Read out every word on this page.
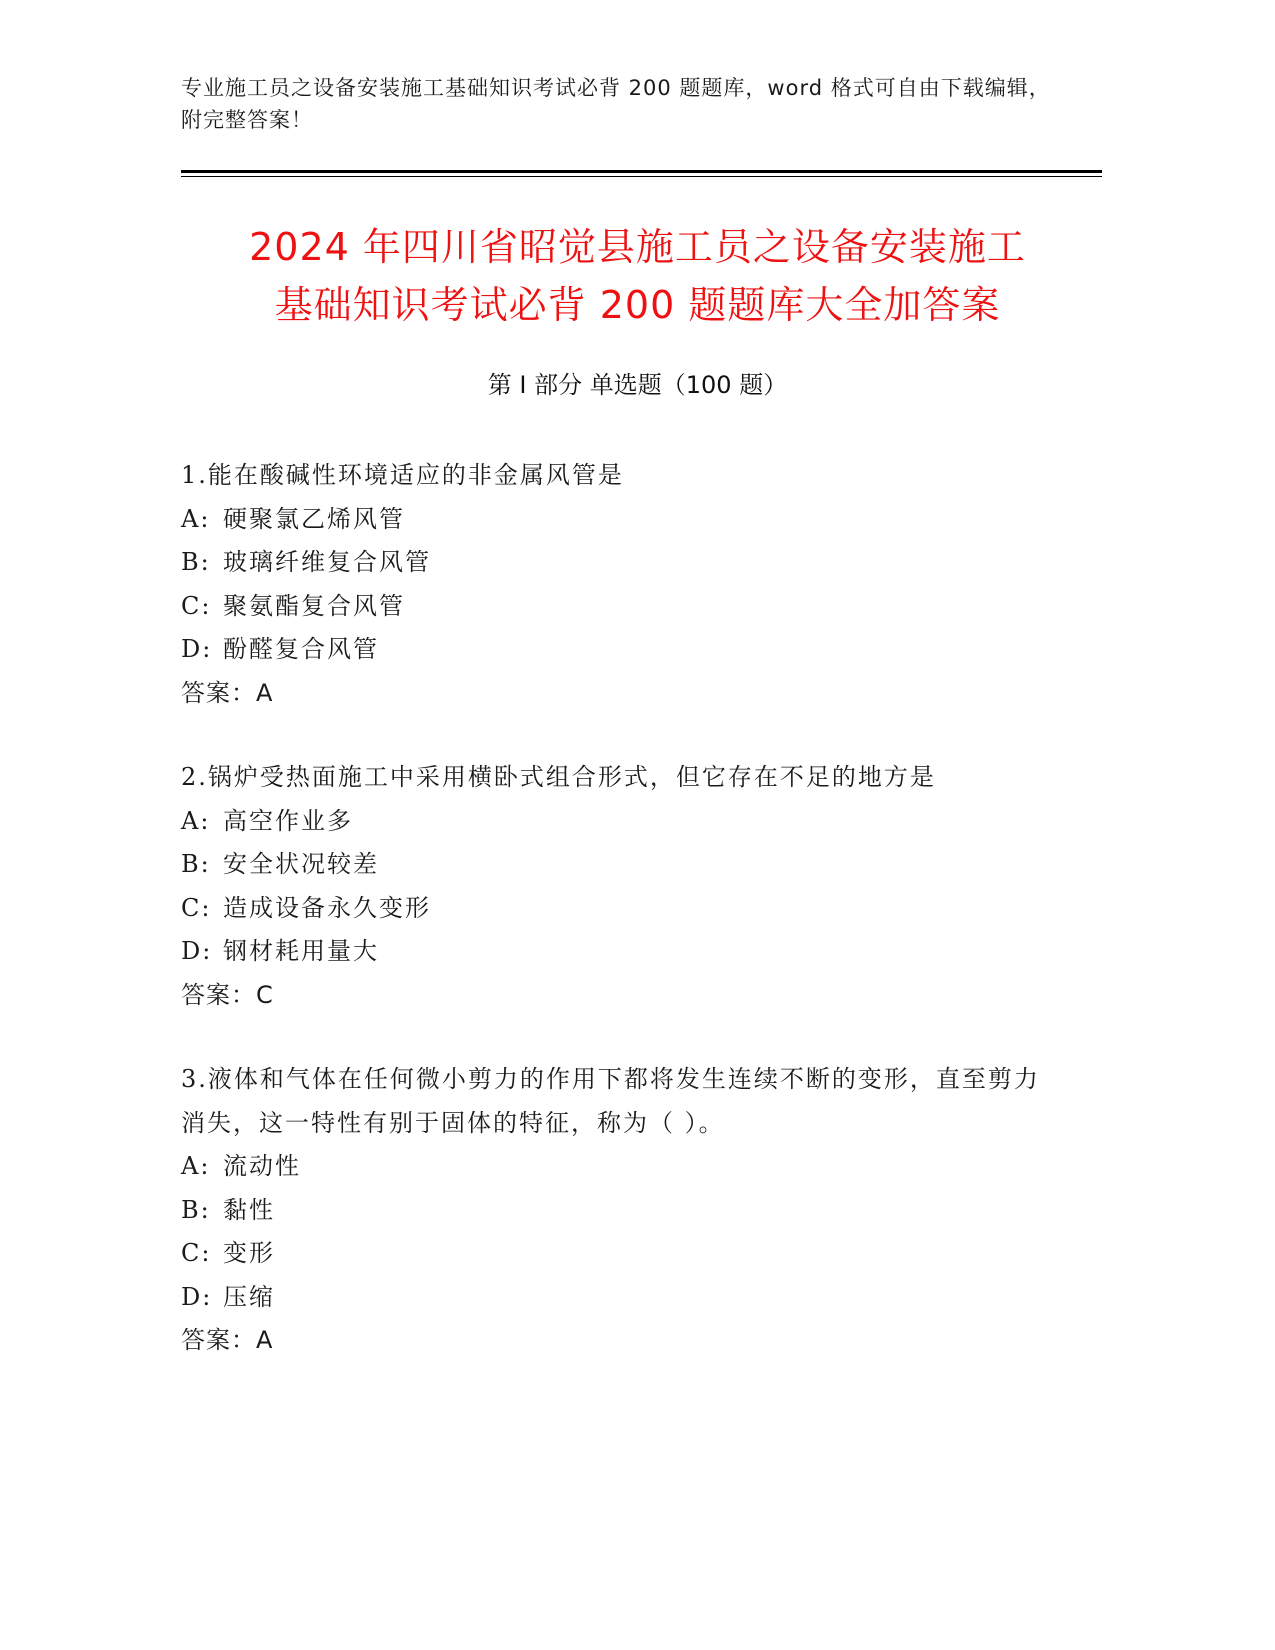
专业施工员之设备安装施工基础知识考试必背 200 题题库，word 格式可自由下载编辑，附完整答案！
2024 年四川省昭觉县施工员之设备安装施工
基础知识考试必背 200 题题库大全加答案
第 I 部分 单选题（100 题）
1.能在酸碱性环境适应的非金属风管是
A: 硬聚氯乙烯风管
B: 玻璃纤维复合风管
C: 聚氨酯复合风管
D: 酚醛复合风管
答案：A
2.锅炉受热面施工中采用横卧式组合形式，但它存在不足的地方是
A: 高空作业多
B: 安全状况较差
C: 造成设备永久变形
D: 钢材耗用量大
答案：C
3.液体和气体在任何微小剪力的作用下都将发生连续不断的变形，直至剪力消失，这一特性有别于固体的特征，称为（ ）。
A: 流动性
B: 黏性
C: 变形
D: 压缩
答案：A
